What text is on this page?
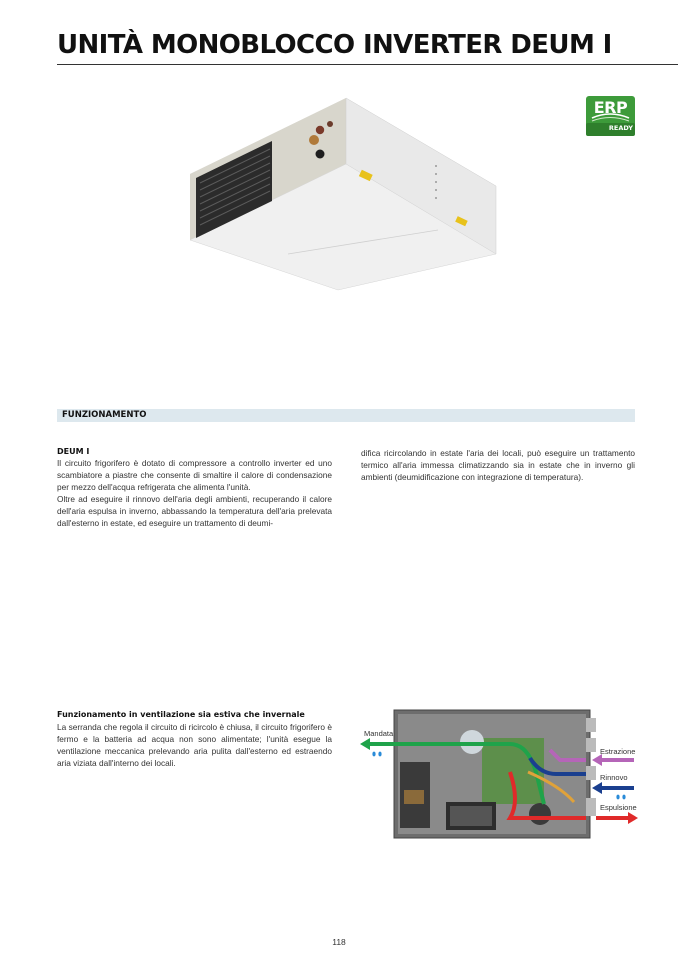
UNITÀ MONOBLOCCO INVERTER DEUM I
ERP
READY
FUNZIONAMENTO
DEUM I

Il circuito frigorifero è dotato di compressore a controllo inverter ed uno scambiatore a piastre che consente di smaltire il calore di condensazione per mezzo dell'acqua refrigerata che alimenta l'unità.

Oltre ad eseguire il rinnovo dell'aria degli ambienti, recuperando il calore dell'aria espulsa in inverno, abbassando la temperatura dell'aria prelevata dall'esterno in estate, ed eseguire un trattamento di deumi-

difica ricircolando in estate l'aria dei locali, può eseguire un trattamento termico all'aria immessa climatizzando sia in estate che in inverno gli ambienti (deumidificazione con integrazione di temperatura).

Funzionamento in ventilazione sia estiva che invernale

La serranda che regola il circuito di ricircolo è chiusa, il circuito frigorifero è fermo e la batteria ad acqua non sono alimentate; l'unità esegue la ventilazione meccanica prelevando aria pulita dall'esterno ed estraendo aria viziata dall'interno dei locali.

Mandata
Estrazione
Rinnovo
Espulsione
118
